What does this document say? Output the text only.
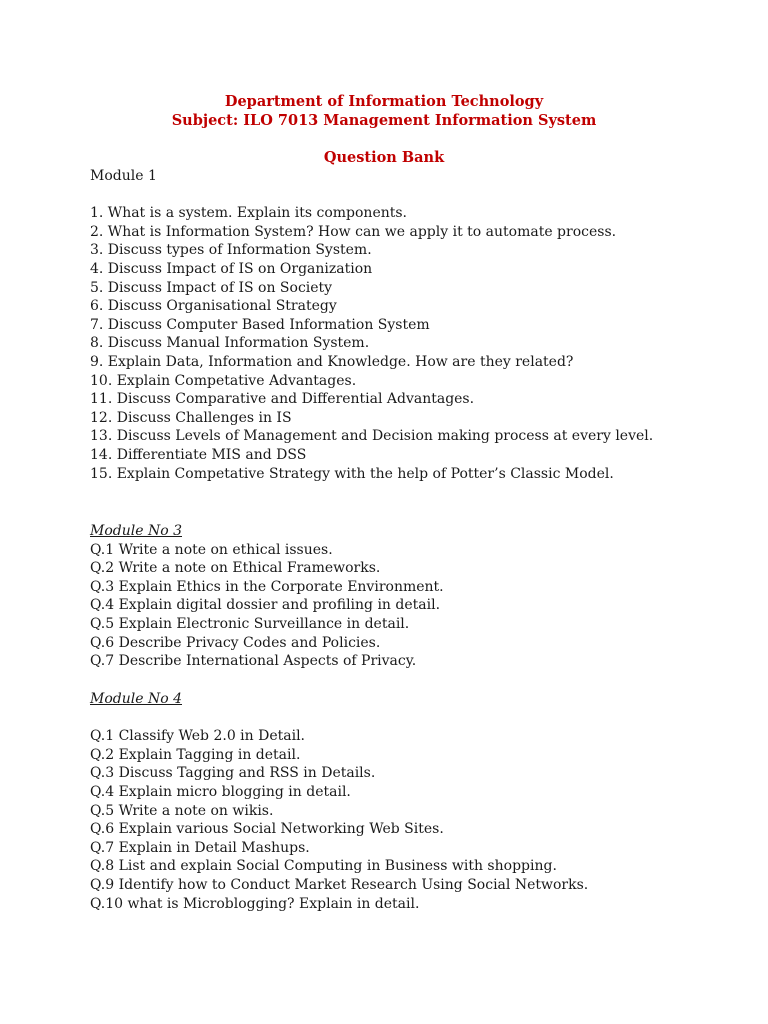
Department of Information Technology
Subject: ILO 7013 Management Information System
Question Bank
Module 1
1. What is a system. Explain its components.
2. What is Information System? How can we apply it to automate process.
3. Discuss types of Information System.
4. Discuss Impact of IS on Organization
5. Discuss Impact of IS on Society
6. Discuss Organisational Strategy
7. Discuss Computer Based Information System
8. Discuss Manual Information System.
9. Explain Data, Information and Knowledge. How are they related?
10. Explain Competative Advantages.
11. Discuss Comparative and Differential Advantages.
12. Discuss Challenges in IS
13. Discuss Levels of Management and Decision making process at every level.
14. Differentiate MIS and DSS
15. Explain Competative Strategy with the help of Potter’s Classic Model.
Module No 3
Q.1 Write a note on ethical issues.
Q.2 Write a note on Ethical Frameworks.
Q.3 Explain Ethics in the Corporate Environment.
Q.4 Explain digital dossier and profiling in detail.
Q.5 Explain Electronic Surveillance in detail.
Q.6 Describe Privacy Codes and Policies.
Q.7 Describe International Aspects of Privacy.
Module No 4
Q.1 Classify Web 2.0 in Detail.
Q.2 Explain Tagging in detail.
Q.3 Discuss Tagging and RSS in Details.
Q.4 Explain micro blogging in detail.
Q.5 Write a note on wikis.
Q.6 Explain various Social Networking Web Sites.
Q.7 Explain in Detail Mashups.
Q.8 List and explain Social Computing in Business with shopping.
Q.9 Identify how to Conduct Market Research Using Social Networks.
Q.10 what is Microblogging? Explain in detail.
